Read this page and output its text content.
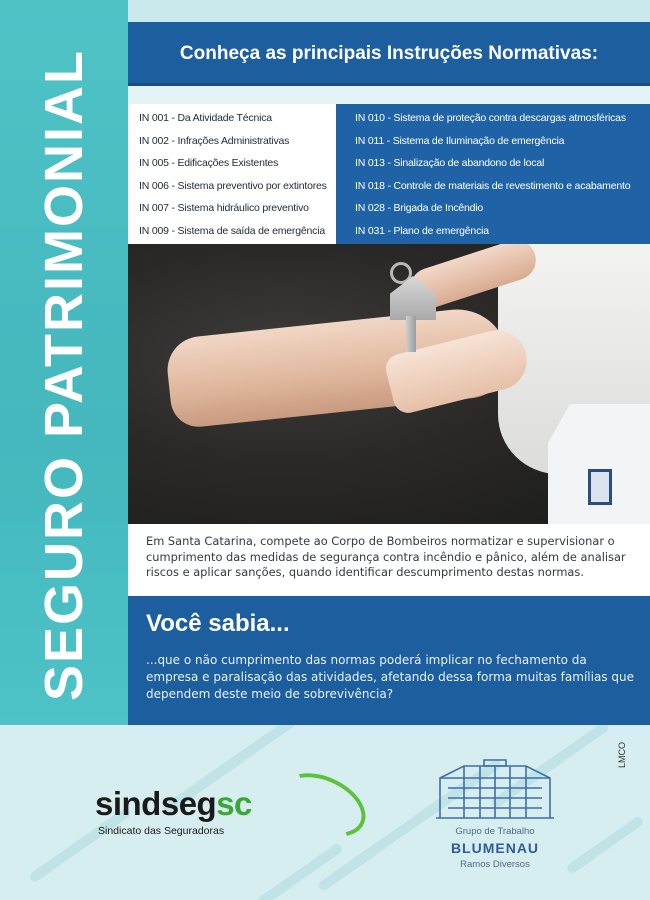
SEGURO PATRIMONIAL	Conheça as principais Instruções Normativas:
IN 001 - Da Atividade Técnica
IN 002 - Infrações Administrativas
IN 005 - Edificações Existentes
IN 006 - Sistema preventivo por extintores
IN 007 - Sistema hidráulico preventivo
IN 009 - Sistema de saída de emergência
IN 010 - Sistema de proteção contra descargas atmosféricas
IN 011 - Sistema de Iluminação de emergência
IN 013 - Sinalização de abandono de local
IN 018 - Controle de materiais de revestimento e acabamento
IN 028 - Brigada de Incêndio
IN 031 - Plano de emergência
Em Santa Catarina, compete ao Corpo de Bombeiros normatizar e supervisionar o cumprimento das medidas de segurança contra incêndio e pânico, além de analisar riscos e aplicar sanções, quando identificar descumprimento destas normas.
Você sabia...
...que o não cumprimento das normas poderá implicar no fechamento da empresa e paralisação das atividades, afetando dessa forma muitas famílias que dependem deste meio de sobrevivência?
sindsegsc
Sindicato das Seguradoras
LMCO
Grupo de Trabalho
BLUMENAU
Ramos Diversos
